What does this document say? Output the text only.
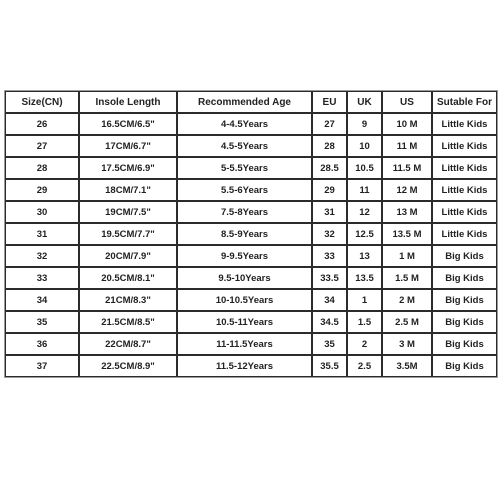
Size(CN)	Insole Length	Recommended Age	EU	UK	US	Sutable For
26	16.5CM/6.5"	4-4.5Years	27	9	10 M	Little Kids
27	17CM/6.7"	4.5-5Years	28	10	11 M	Little Kids
28	17.5CM/6.9"	5-5.5Years	28.5	10.5	11.5 M	Little Kids
29	18CM/7.1"	5.5-6Years	29	11	12 M	Little Kids
30	19CM/7.5"	7.5-8Years	31	12	13 M	Little Kids
31	19.5CM/7.7"	8.5-9Years	32	12.5	13.5 M	Little Kids
32	20CM/7.9"	9-9.5Years	33	13	1 M	Big Kids
33	20.5CM/8.1"	9.5-10Years	33.5	13.5	1.5 M	Big Kids
34	21CM/8.3"	10-10.5Years	34	1	2 M	Big Kids
35	21.5CM/8.5"	10.5-11Years	34.5	1.5	2.5 M	Big Kids
36	22CM/8.7"	11-11.5Years	35	2	3 M	Big Kids
37	22.5CM/8.9"	11.5-12Years	35.5	2.5	3.5M	Big Kids
